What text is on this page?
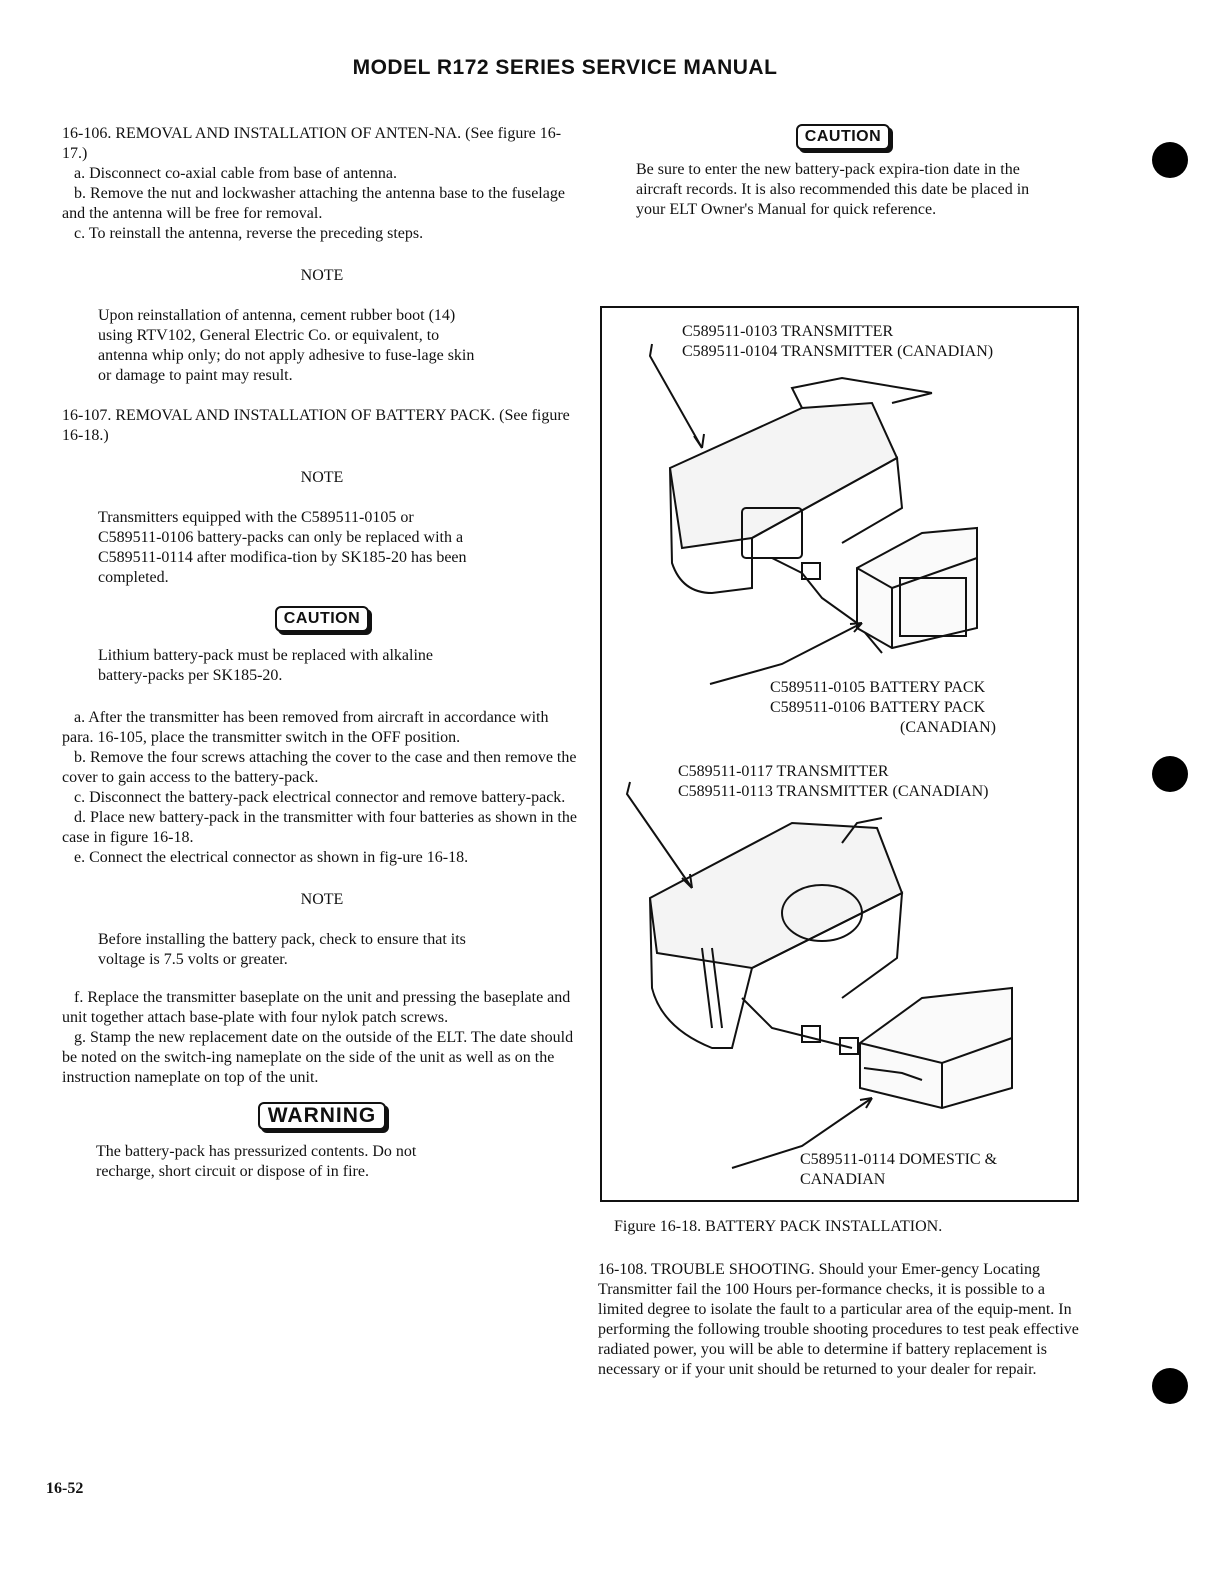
MODEL R172 SERIES SERVICE MANUAL

16-106. REMOVAL AND INSTALLATION OF ANTEN-NA. (See figure 16-17.)

a. Disconnect co-axial cable from base of antenna.

b. Remove the nut and lockwasher attaching the antenna base to the fuselage and the antenna will be free for removal.

c. To reinstall the antenna, reverse the preceding steps.

NOTE

Upon reinstallation of antenna, cement rubber boot (14) using RTV102, General Electric Co. or equivalent, to antenna whip only; do not apply adhesive to fuse-lage skin or damage to paint may result.

16-107. REMOVAL AND INSTALLATION OF BATTERY PACK. (See figure 16-18.)

NOTE

Transmitters equipped with the C589511-0105 or C589511-0106 battery-packs can only be replaced with a C589511-0114 after modifica-tion by SK185-20 has been completed.

CAUTION

Lithium battery-pack must be replaced with alkaline battery-packs per SK185-20.

a. After the transmitter has been removed from aircraft in accordance with para. 16-105, place the transmitter switch in the OFF position.

b. Remove the four screws attaching the cover to the case and then remove the cover to gain access to the battery-pack.

c. Disconnect the battery-pack electrical connector and remove battery-pack.

d. Place new battery-pack in the transmitter with four batteries as shown in the case in figure 16-18.

e. Connect the electrical connector as shown in fig-ure 16-18.

NOTE

Before installing the battery pack, check to ensure that its voltage is 7.5 volts or greater.

f. Replace the transmitter baseplate on the unit and pressing the baseplate and unit together attach base-plate with four nylok patch screws.

g. Stamp the new replacement date on the outside of the ELT. The date should be noted on the switch-ing nameplate on the side of the unit as well as on the instruction nameplate on top of the unit.

WARNING

The battery-pack has pressurized contents. Do not recharge, short circuit or dispose of in fire.

CAUTION

Be sure to enter the new battery-pack expira-tion date in the aircraft records. It is also recommended this date be placed in your ELT Owner's Manual for quick reference.

C589511-0103 TRANSMITTER
C589511-0104 TRANSMITTER (CANADIAN)
C589511-0105 BATTERY PACK
C589511-0106 BATTERY PACK
(CANADIAN)
C589511-0117 TRANSMITTER
C589511-0113 TRANSMITTER (CANADIAN)
C589511-0114 DOMESTIC &
CANADIAN
Figure 16-18. BATTERY PACK INSTALLATION.

16-108. TROUBLE SHOOTING. Should your Emer-gency Locating Transmitter fail the 100 Hours per-formance checks, it is possible to a limited degree to isolate the fault to a particular area of the equip-ment. In performing the following trouble shooting procedures to test peak effective radiated power, you will be able to determine if battery replacement is necessary or if your unit should be returned to your dealer for repair.

16-52
